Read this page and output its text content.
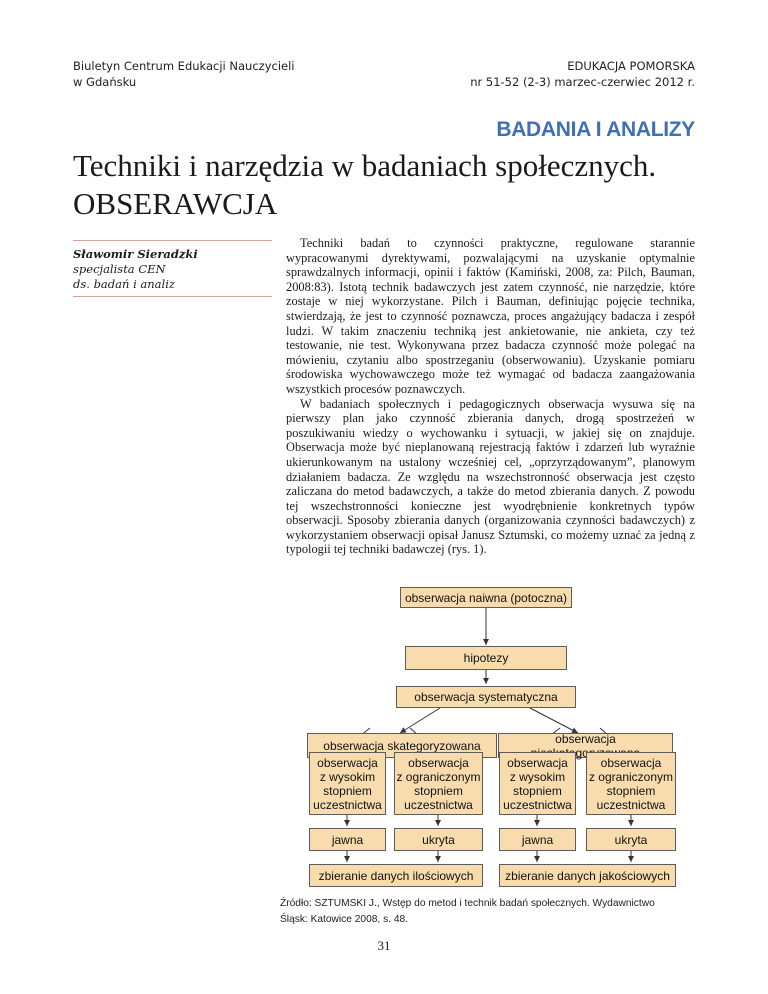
Biuletyn Centrum Edukacji Nauczycieli
w Gdańsku
EDUKACJA POMORSKA
nr 51-52 (2-3) marzec-czerwiec 2012 r.
BADANIA I ANALIZY
Techniki i narzędzia w badaniach społecznych.
OBSERAWCJA
Sławomir Sieradzki
specjalista CEN
ds. badań i analiz

Techniki badań to czynności praktyczne, regulowane starannie wypracowanymi dyrektywami, pozwalającymi na uzyskanie optymalnie sprawdzalnych informacji, opinii i faktów (Kamiński, 2008, za: Pilch, Bauman, 2008:83). Istotą technik badawczych jest zatem czynność, nie narzędzie, które zostaje w niej wykorzystane. Pilch i Bauman, definiując pojęcie technika, stwierdzają, że jest to czynność poznawcza, proces angażujący badacza i zespół ludzi. W takim znaczeniu techniką jest ankietowanie, nie ankieta, czy też testowanie, nie test. Wykonywana przez badacza czynność może polegać na mówieniu, czytaniu albo spostrzeganiu (obserwowaniu). Uzyskanie pomiaru środowiska wychowawczego może też wymagać od badacza zaangażowania wszystkich procesów poznawczych.

W badaniach społecznych i pedagogicznych obserwacja wysuwa się na pierwszy plan jako czynność zbierania danych, drogą spostrzeżeń w poszukiwaniu wiedzy o wychowanku i sytuacji, w jakiej się on znajduje. Obserwacja może być nieplanowaną rejestracją faktów i zdarzeń lub wyraźnie ukierunkowanym na ustalony wcześniej cel, „oprzyrządowanym”, planowym działaniem badacza. Ze względu na wszechstronność obserwacja jest często zaliczana do metod badawczych, a także do metod zbierania danych. Z powodu tej wszechstronności konieczne jest wyodrębnienie konkretnych typów obserwacji. Sposoby zbierania danych (organizowania czynności badawczych) z wykorzystaniem obserwacji opisał Janusz Sztumski, co możemy uznać za jedną z typologii tej techniki badawczej (rys. 1).

obserwacja naiwna (potoczna)
hipotezy
obserwacja systematyczna
obserwacja skategoryzowana	obserwacja
obserwacja
z wysokim
stopniem
uczestnictwa
obserwacja
z ograniczonym
stopniem
uczestnictwa
obserwacja
z wysokim
stopniem
uczestnictwa
obserwacja
z ograniczonym
stopniem
uczestnictwa
jawna	ukryta	jawna	ukryta
zbieranie danych ilościowych	zbieranie danych jakościowych
Źródło: SZTUMSKI J., Wstęp do metod i technik badań społecznych. Wydawnictwo
Śląsk: Katowice 2008, s. 48.
31
